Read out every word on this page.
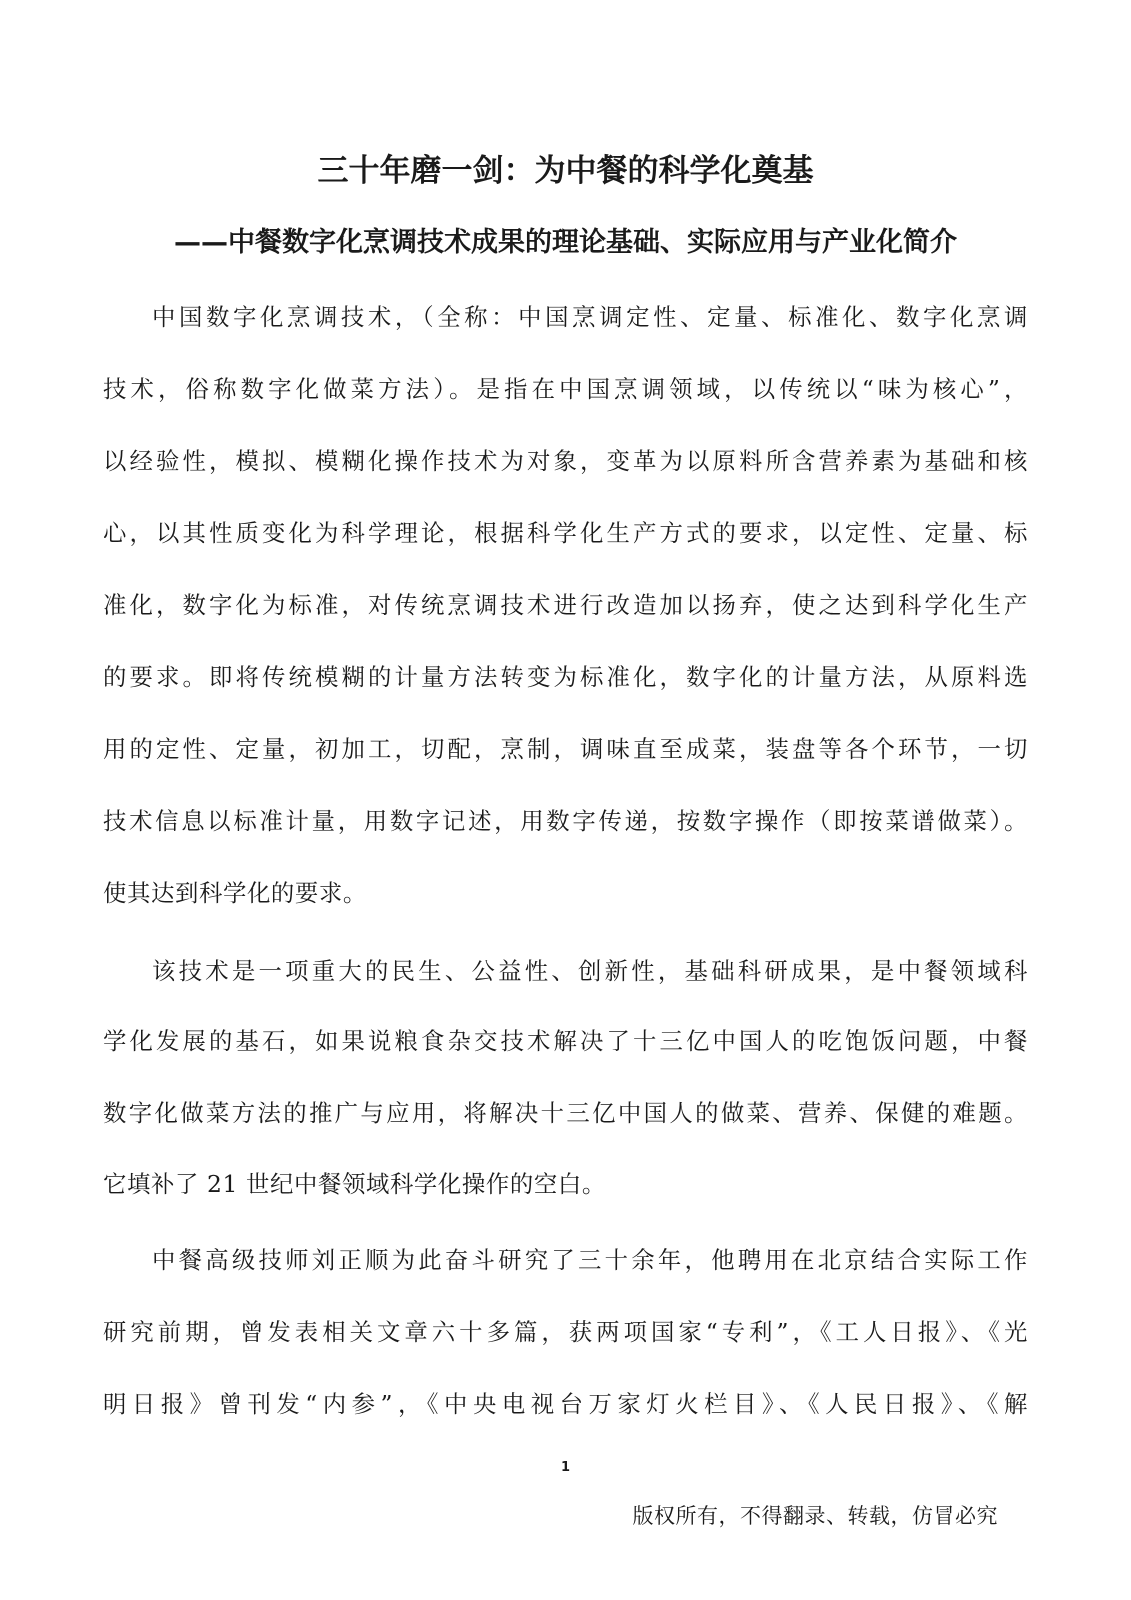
三十年磨一剑：为中餐的科学化奠基
——中餐数字化烹调技术成果的理论基础、实际应用与产业化简介
中国数字化烹调技术，（全称：中国烹调定性、定量、标准化、数字化烹调
技术，俗称数字化做菜方法）。是指在中国烹调领域，以传统以“味为核心”，
以经验性，模拟、模糊化操作技术为对象，变革为以原料所含营养素为基础和核
心，以其性质变化为科学理论，根据科学化生产方式的要求，以定性、定量、标
准化，数字化为标准，对传统烹调技术进行改造加以扬弃，使之达到科学化生产
的要求。即将传统模糊的计量方法转变为标准化，数字化的计量方法，从原料选
用的定性、定量，初加工，切配，烹制，调味直至成菜，装盘等各个环节，一切
技术信息以标准计量，用数字记述，用数字传递，按数字操作（即按菜谱做菜）。
使其达到科学化的要求。
该技术是一项重大的民生、公益性、创新性，基础科研成果，是中餐领域科
学化发展的基石，如果说粮食杂交技术解决了十三亿中国人的吃饱饭问题，中餐
数字化做菜方法的推广与应用，将解决十三亿中国人的做菜、营养、保健的难题。
它填补了 21 世纪中餐领域科学化操作的空白。
中餐高级技师刘正顺为此奋斗研究了三十余年，他聘用在北京结合实际工作
研究前期，曾发表相关文章六十多篇，获两项国家“专利”，《工人日报》、《光
明日报》曾刊发“内参”，《中央电视台万家灯火栏目》、《人民日报》、《解
1
版权所有，不得翻录、转载，仿冒必究
